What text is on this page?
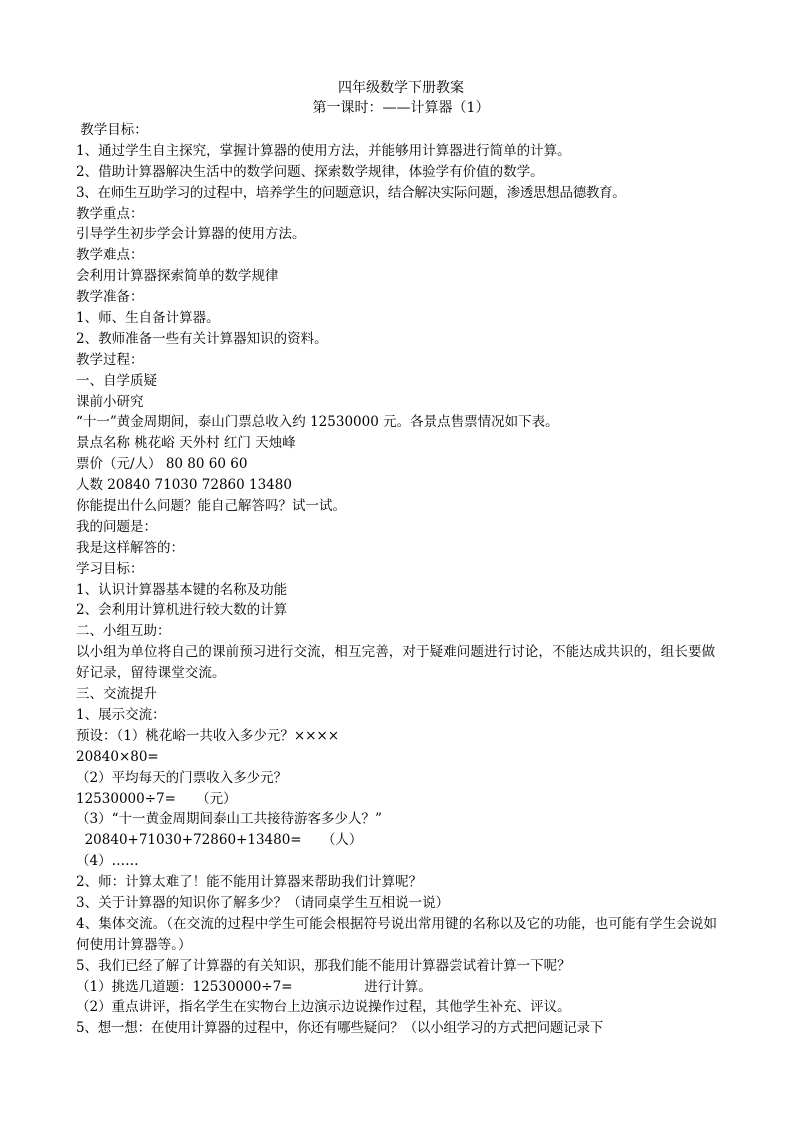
四年级数学下册教案
第一课时：——计算器（1）
教学目标：
1、通过学生自主探究，掌握计算器的使用方法，并能够用计算器进行简单的计算。
2、借助计算器解决生活中的数学问题、探索数学规律，体验学有价值的数学。
3、在师生互助学习的过程中，培养学生的问题意识，结合解决实际问题，渗透思想品德教育。
教学重点：
引导学生初步学会计算器的使用方法。
教学难点：
会利用计算器探索简单的数学规律
教学准备：
1、师、生自备计算器。
2、教师准备一些有关计算器知识的资料。
教学过程：
一、自学质疑
课前小研究
“十一”黄金周期间，泰山门票总收入约 12530000 元。各景点售票情况如下表。
景点名称 桃花峪 天外村 红门 天烛峰
票价（元/人） 80 80 60 60
人数 20840 71030 72860 13480
你能提出什么问题？能自己解答吗？试一试。
我的问题是：
我是这样解答的：
学习目标：
1、认识计算器基本键的名称及功能
2、会利用计算机进行较大数的计算
二、小组互助：
以小组为单位将自己的课前预习进行交流，相互完善，对于疑难问题进行讨论，不能达成共识的，组长要做好记录，留待课堂交流。
三、交流提升
1、展示交流：
预设：（1）桃花峪一共收入多少元？××××
20840×80=
（2）平均每天的门票收入多少元？
12530000÷7=　　（元）
（3）“十一黄金周期间泰山工共接待游客多少人？”
20840+71030+72860+13480=　　（人）
（4）……
2、师：计算太难了！能不能用计算器来帮助我们计算呢？
3、关于计算器的知识你了解多少？（请同桌学生互相说一说）
4、集体交流。（在交流的过程中学生可能会根据符号说出常用键的名称以及它的功能，也可能有学生会说如何使用计算器等。）
5、我们已经了解了计算器的有关知识，那我们能不能用计算器尝试着计算一下呢？
（1）挑选几道题：12530000÷7=　　　　　 进行计算。
（2）重点讲评，指名学生在实物台上边演示边说操作过程，其他学生补充、评议。
5、想一想：在使用计算器的过程中，你还有哪些疑问？（以小组学习的方式把问题记录下
